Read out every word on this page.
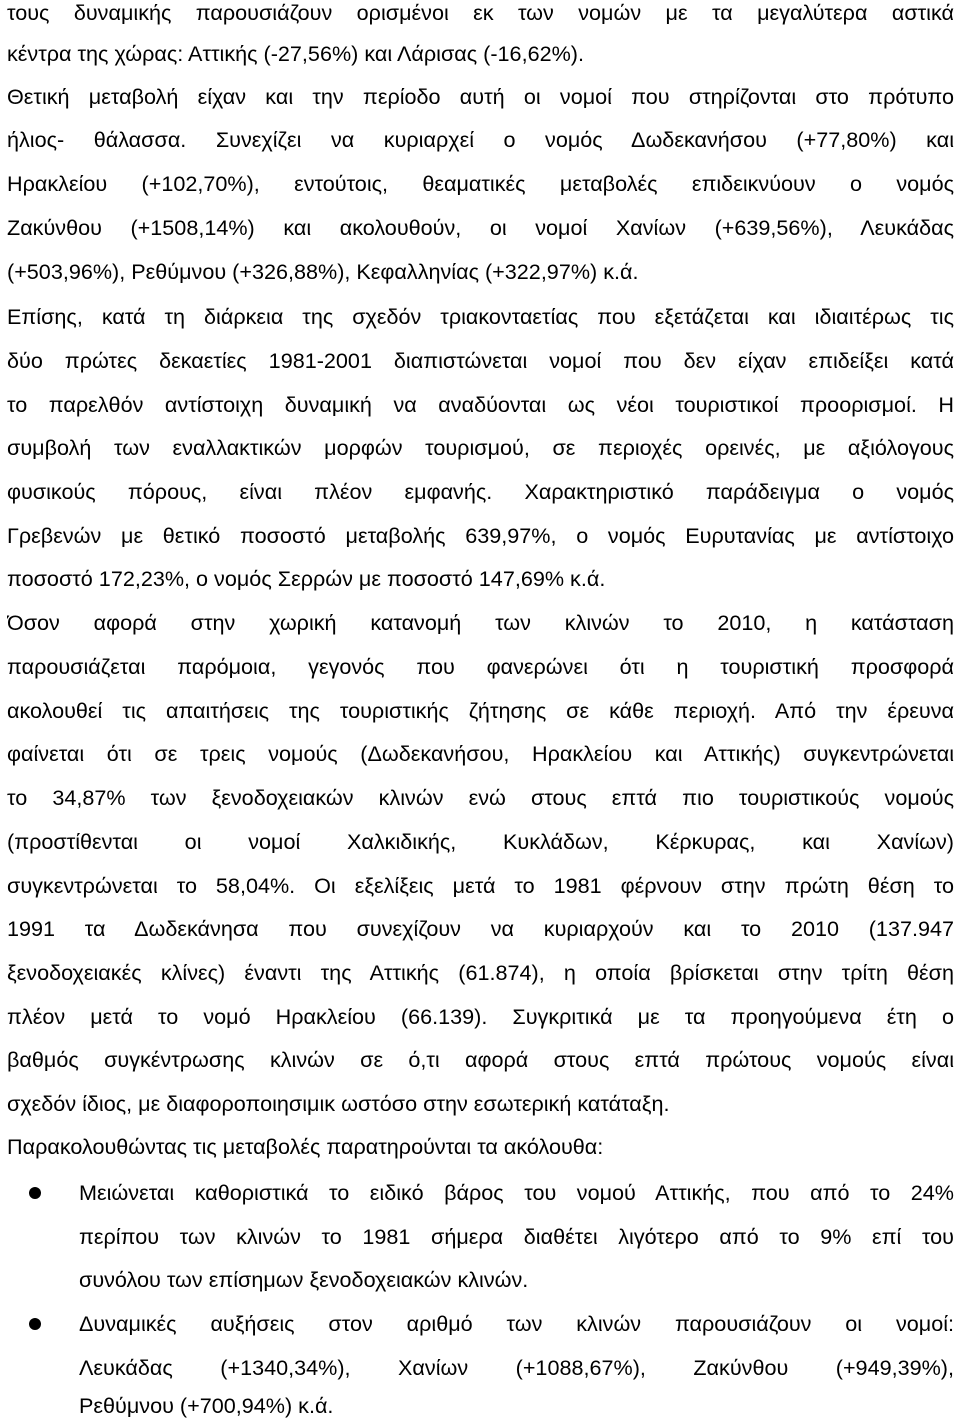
τους δυναμικής παρουσιάζουν ορισμένοι εκ των νομών με τα μεγαλύτερα αστικά
κέντρα της χώρας: Αττικής (-27,56%) και Λάρισας (-16,62%).
Θετική μεταβολή είχαν και την περίοδο αυτή οι νομοί που στηρίζονται στο πρότυπο
ήλιος- θάλασσα. Συνεχίζει να κυριαρχεί ο νομός Δωδεκανήσου (+77,80%) και
Ηρακλείου (+102,70%), εντούτοις, θεαματικές μεταβολές επιδεικνύουν ο νομός
Ζακύνθου (+1508,14%) και ακολουθούν, οι νομοί Χανίων (+639,56%), Λευκάδας
(+503,96%), Ρεθύμνου (+326,88%), Κεφαλληνίας (+322,97%) κ.ά.
Επίσης, κατά τη διάρκεια της σχεδόν τριακονταετίας που εξετάζεται και ιδιαιτέρως τις
δύο πρώτες δεκαετίες 1981-2001 διαπιστώνεται νομοί που δεν είχαν επιδείξει κατά
το παρελθόν αντίστοιχη δυναμική να αναδύονται ως νέοι τουριστικοί προορισμοί. Η
συμβολή των εναλλακτικών μορφών τουρισμού, σε περιοχές ορεινές, με αξιόλογους
φυσικούς πόρους, είναι πλέον εμφανής. Χαρακτηριστικό παράδειγμα ο νομός
Γρεβενών με θετικό ποσοστό μεταβολής 639,97%, ο νομός Ευρυτανίας με αντίστοιχο
ποσοστό 172,23%, ο νομός Σερρών με ποσοστό 147,69% κ.ά.
Όσον αφορά στην χωρική κατανομή των κλινών το 2010, η κατάσταση
παρουσιάζεται παρόμοια, γεγονός που φανερώνει ότι η τουριστική προσφορά
ακολουθεί τις απαιτήσεις της τουριστικής ζήτησης σε κάθε περιοχή. Από την έρευνα
φαίνεται ότι σε τρεις νομούς (Δωδεκανήσου, Ηρακλείου και Αττικής) συγκεντρώνεται
το 34,87% των ξενοδοχειακών κλινών ενώ στους επτά πιο τουριστικούς νομούς
(προστίθενται οι νομοί Χαλκιδικής, Κυκλάδων, Κέρκυρας, και Χανίων)
συγκεντρώνεται το 58,04%. Οι εξελίξεις μετά το 1981 φέρνουν στην πρώτη θέση το
1991 τα Δωδεκάνησα που συνεχίζουν να κυριαρχούν και το 2010 (137.947
ξενοδοχειακές κλίνες) έναντι της Αττικής (61.874), η οποία βρίσκεται στην τρίτη θέση
πλέον μετά το νομό Ηρακλείου (66.139). Συγκριτικά με τα προηγούμενα έτη ο
βαθμός συγκέντρωσης κλινών σε ό,τι αφορά στους επτά πρώτους νομούς είναι
σχεδόν ίδιος, με διαφοροποιησιμικ ωστόσο στην εσωτερική κατάταξη.
Παρακολουθώντας τις μεταβολές παρατηρούνται τα ακόλουθα:
Μειώνεται καθοριστικά το ειδικό βάρος του νομού Αττικής, που από το 24%
περίπου των κλινών το 1981 σήμερα διαθέτει λιγότερο από το 9% επί του
συνόλου των επίσημων ξενοδοχειακών κλινών.
Δυναμικές αυξήσεις στον αριθμό των κλινών παρουσιάζουν οι νομοί:
Λευκάδας (+1340,34%), Χανίων (+1088,67%), Ζακύνθου (+949,39%),
Ρεθύμνου (+700,94%) κ.ά.
